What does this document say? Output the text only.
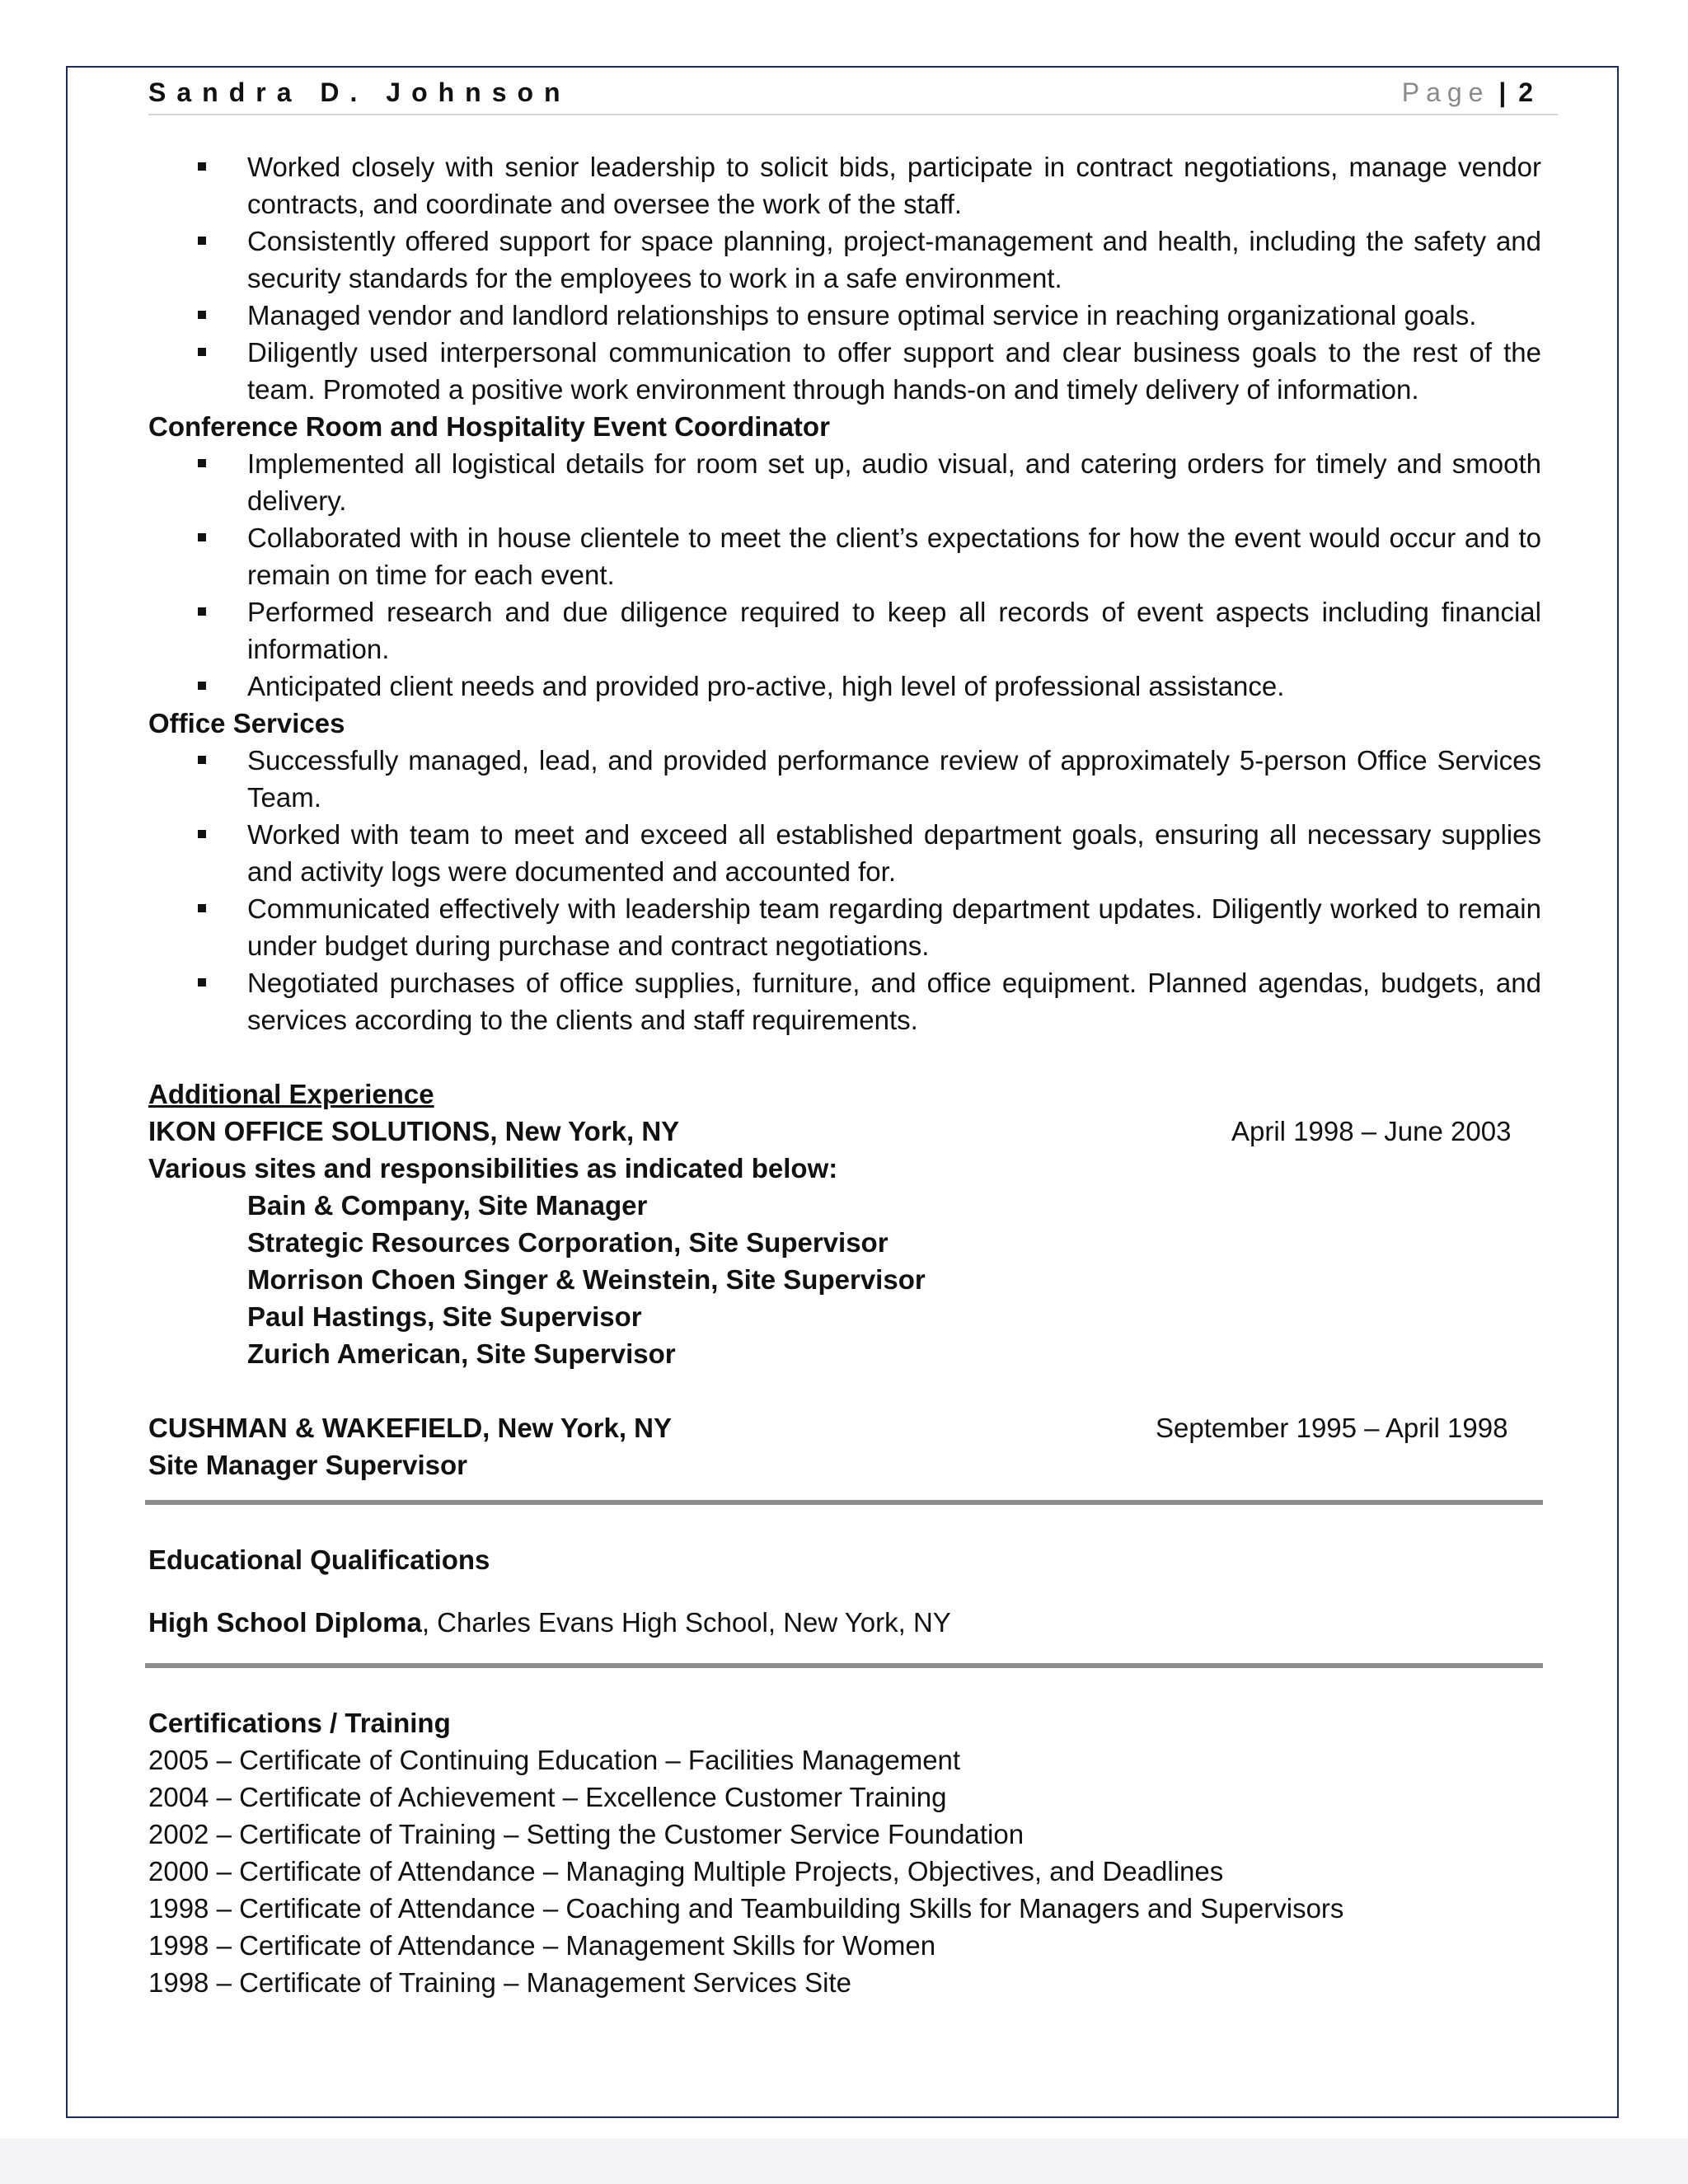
Sandra D. Johnson	Page | 2
Worked closely with senior leadership to solicit bids, participate in contract negotiations, manage vendor contracts, and coordinate and oversee the work of the staff.
Consistently offered support for space planning, project-management and health, including the safety and security standards for the employees to work in a safe environment.
Managed vendor and landlord relationships to ensure optimal service in reaching organizational goals.
Diligently used interpersonal communication to offer support and clear business goals to the rest of the team. Promoted a positive work environment through hands-on and timely delivery of information.
Conference Room and Hospitality Event Coordinator
Implemented all logistical details for room set up, audio visual, and catering orders for timely and smooth delivery.
Collaborated with in house clientele to meet the client’s expectations for how the event would occur and to remain on time for each event.
Performed research and due diligence required to keep all records of event aspects including financial information.
Anticipated client needs and provided pro-active, high level of professional assistance.
Office Services
Successfully managed, lead, and provided performance review of approximately 5-person Office Services Team.
Worked with team to meet and exceed all established department goals, ensuring all necessary supplies and activity logs were documented and accounted for.
Communicated effectively with leadership team regarding department updates. Diligently worked to remain under budget during purchase and contract negotiations.
Negotiated purchases of office supplies, furniture, and office equipment. Planned agendas, budgets, and services according to the clients and staff requirements.
Additional Experience
IKON OFFICE SOLUTIONS, New York, NY	April 1998 – June 2003
Various sites and responsibilities as indicated below:
Bain & Company, Site Manager
Strategic Resources Corporation, Site Supervisor
Morrison Choen Singer & Weinstein, Site Supervisor
Paul Hastings, Site Supervisor
Zurich American, Site Supervisor
CUSHMAN & WAKEFIELD, New York, NY	September 1995 – April 1998
Site Manager Supervisor
Educational Qualifications
High School Diploma, Charles Evans High School, New York, NY
Certifications / Training
2005 – Certificate of Continuing Education – Facilities Management
2004 – Certificate of Achievement – Excellence Customer Training
2002 – Certificate of Training – Setting the Customer Service Foundation
2000 – Certificate of Attendance – Managing Multiple Projects, Objectives, and Deadlines
1998 – Certificate of Attendance – Coaching and Teambuilding Skills for Managers and Supervisors
1998 – Certificate of Attendance – Management Skills for Women
1998 – Certificate of Training – Management Services Site
